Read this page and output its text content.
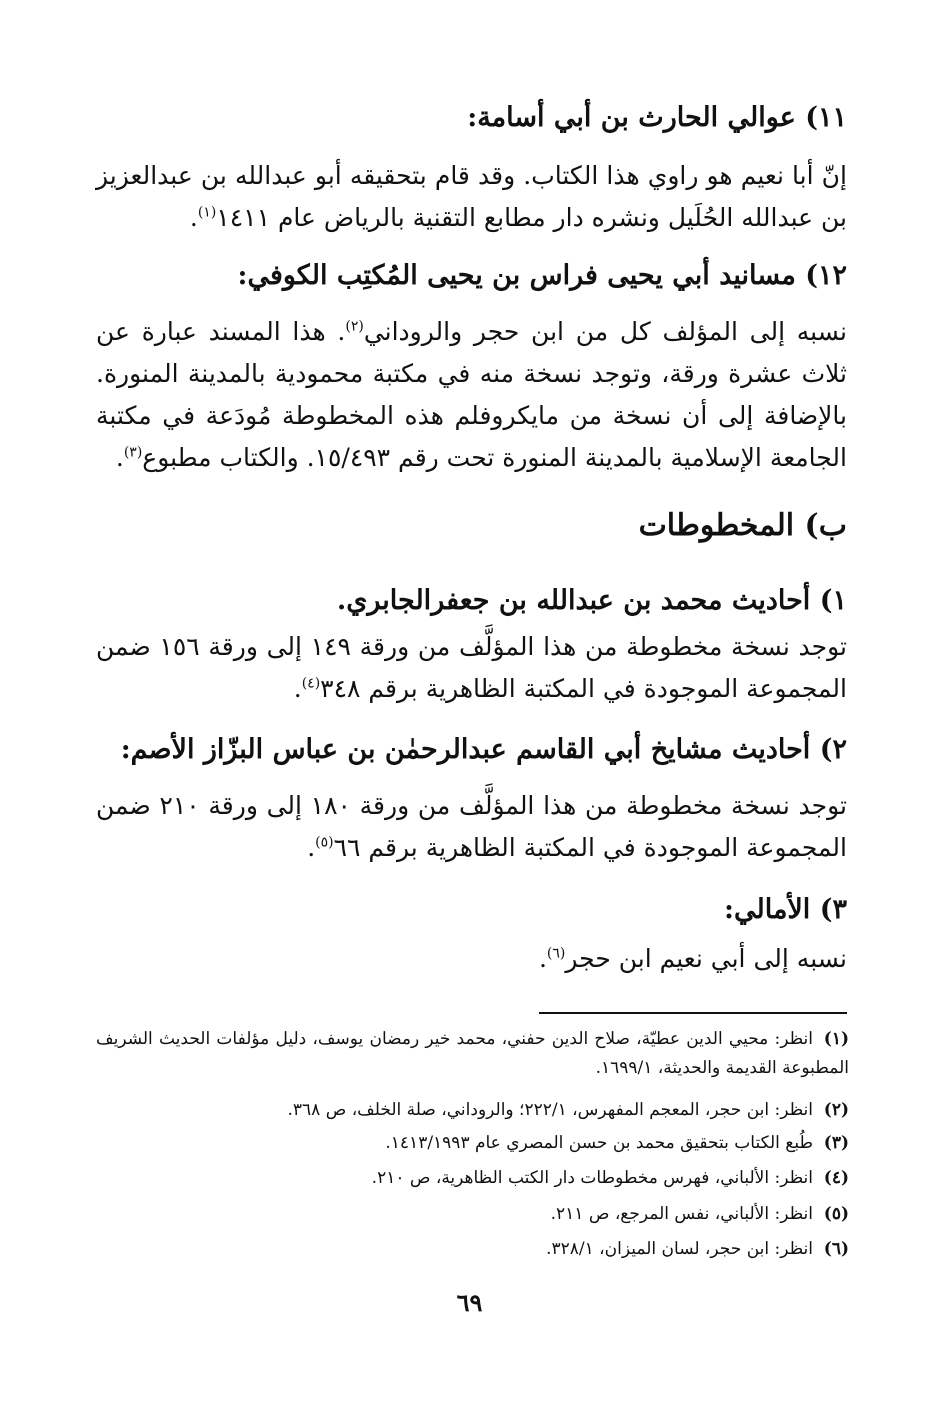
١١) عوالي الحارث بن أبي أسامة:
إنّ أبا نعيم هو راوي هذا الكتاب. وقد قام بتحقيقه أبو عبدالله بن عبدالعزيز بن عبدالله الحُلَيل ونشره دار مطابع التقنية بالرياض عام ١٤١١$^{(١)}$.
١٢) مسانيد أبي يحيى فراس بن يحيى المُكتِب الكوفي:
نسبه إلى المؤلف كل من ابن حجر والروداني$^{(٢)}$. هذا المسند عبارة عن ثلاث عشرة ورقة، وتوجد نسخة منه في مكتبة محمودية بالمدينة المنورة. بالإضافة إلى أن نسخة من مايكروفلم هذه المخطوطة مُودَعة في مكتبة الجامعة الإسلامية بالمدينة المنورة تحت رقم ١٥/٤٩٣. والكتاب مطبوع$^{(٣)}$.
ب) المخطوطات
١) أحاديث محمد بن عبدالله بن جعفرالجابري.
توجد نسخة مخطوطة من هذا المؤلَّف من ورقة ١٤٩ إلى ورقة ١٥٦ ضمن المجموعة الموجودة في المكتبة الظاهرية برقم ٣٤٨$^{(٤)}$.
٢) أحاديث مشايخ أبي القاسم عبدالرحمٰن بن عباس البزّاز الأصم:
توجد نسخة مخطوطة من هذا المؤلَّف من ورقة ١٨٠ إلى ورقة ٢١٠ ضمن المجموعة الموجودة في المكتبة الظاهرية برقم ٦٦$^{(٥)}$.
٣) الأمالي:
نسبه إلى أبي نعيم ابن حجر$^{(٦)}$.
(١)انظر: محيي الدين عطيّة، صلاح الدين حفني، محمد خير رمضان يوسف، دليل مؤلفات الحديث الشريف المطبوعة القديمة والحديثة، ١٦٩٩/١.
(٢)انظر: ابن حجر، المعجم المفهرس، ٢٢٢/١؛ والروداني، صلة الخلف، ص ٣٦٨.
(٣)طُبع الكتاب بتحقيق محمد بن حسن المصري عام ١٤١٣/١٩٩٣.
(٤)انظر: الألباني، فهرس مخطوطات دار الكتب الظاهرية، ص ٢١٠.
(٥)انظر: الألباني، نفس المرجع، ص ٢١١.
(٦)انظر: ابن حجر، لسان الميزان، ٣٢٨/١.
٦٩
